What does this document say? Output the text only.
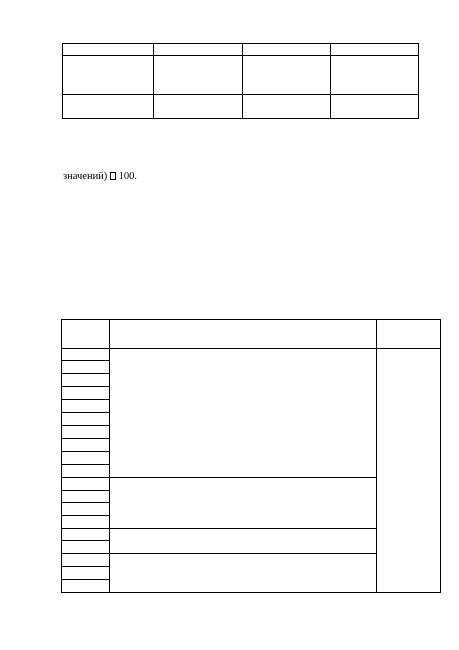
значений)  100.
